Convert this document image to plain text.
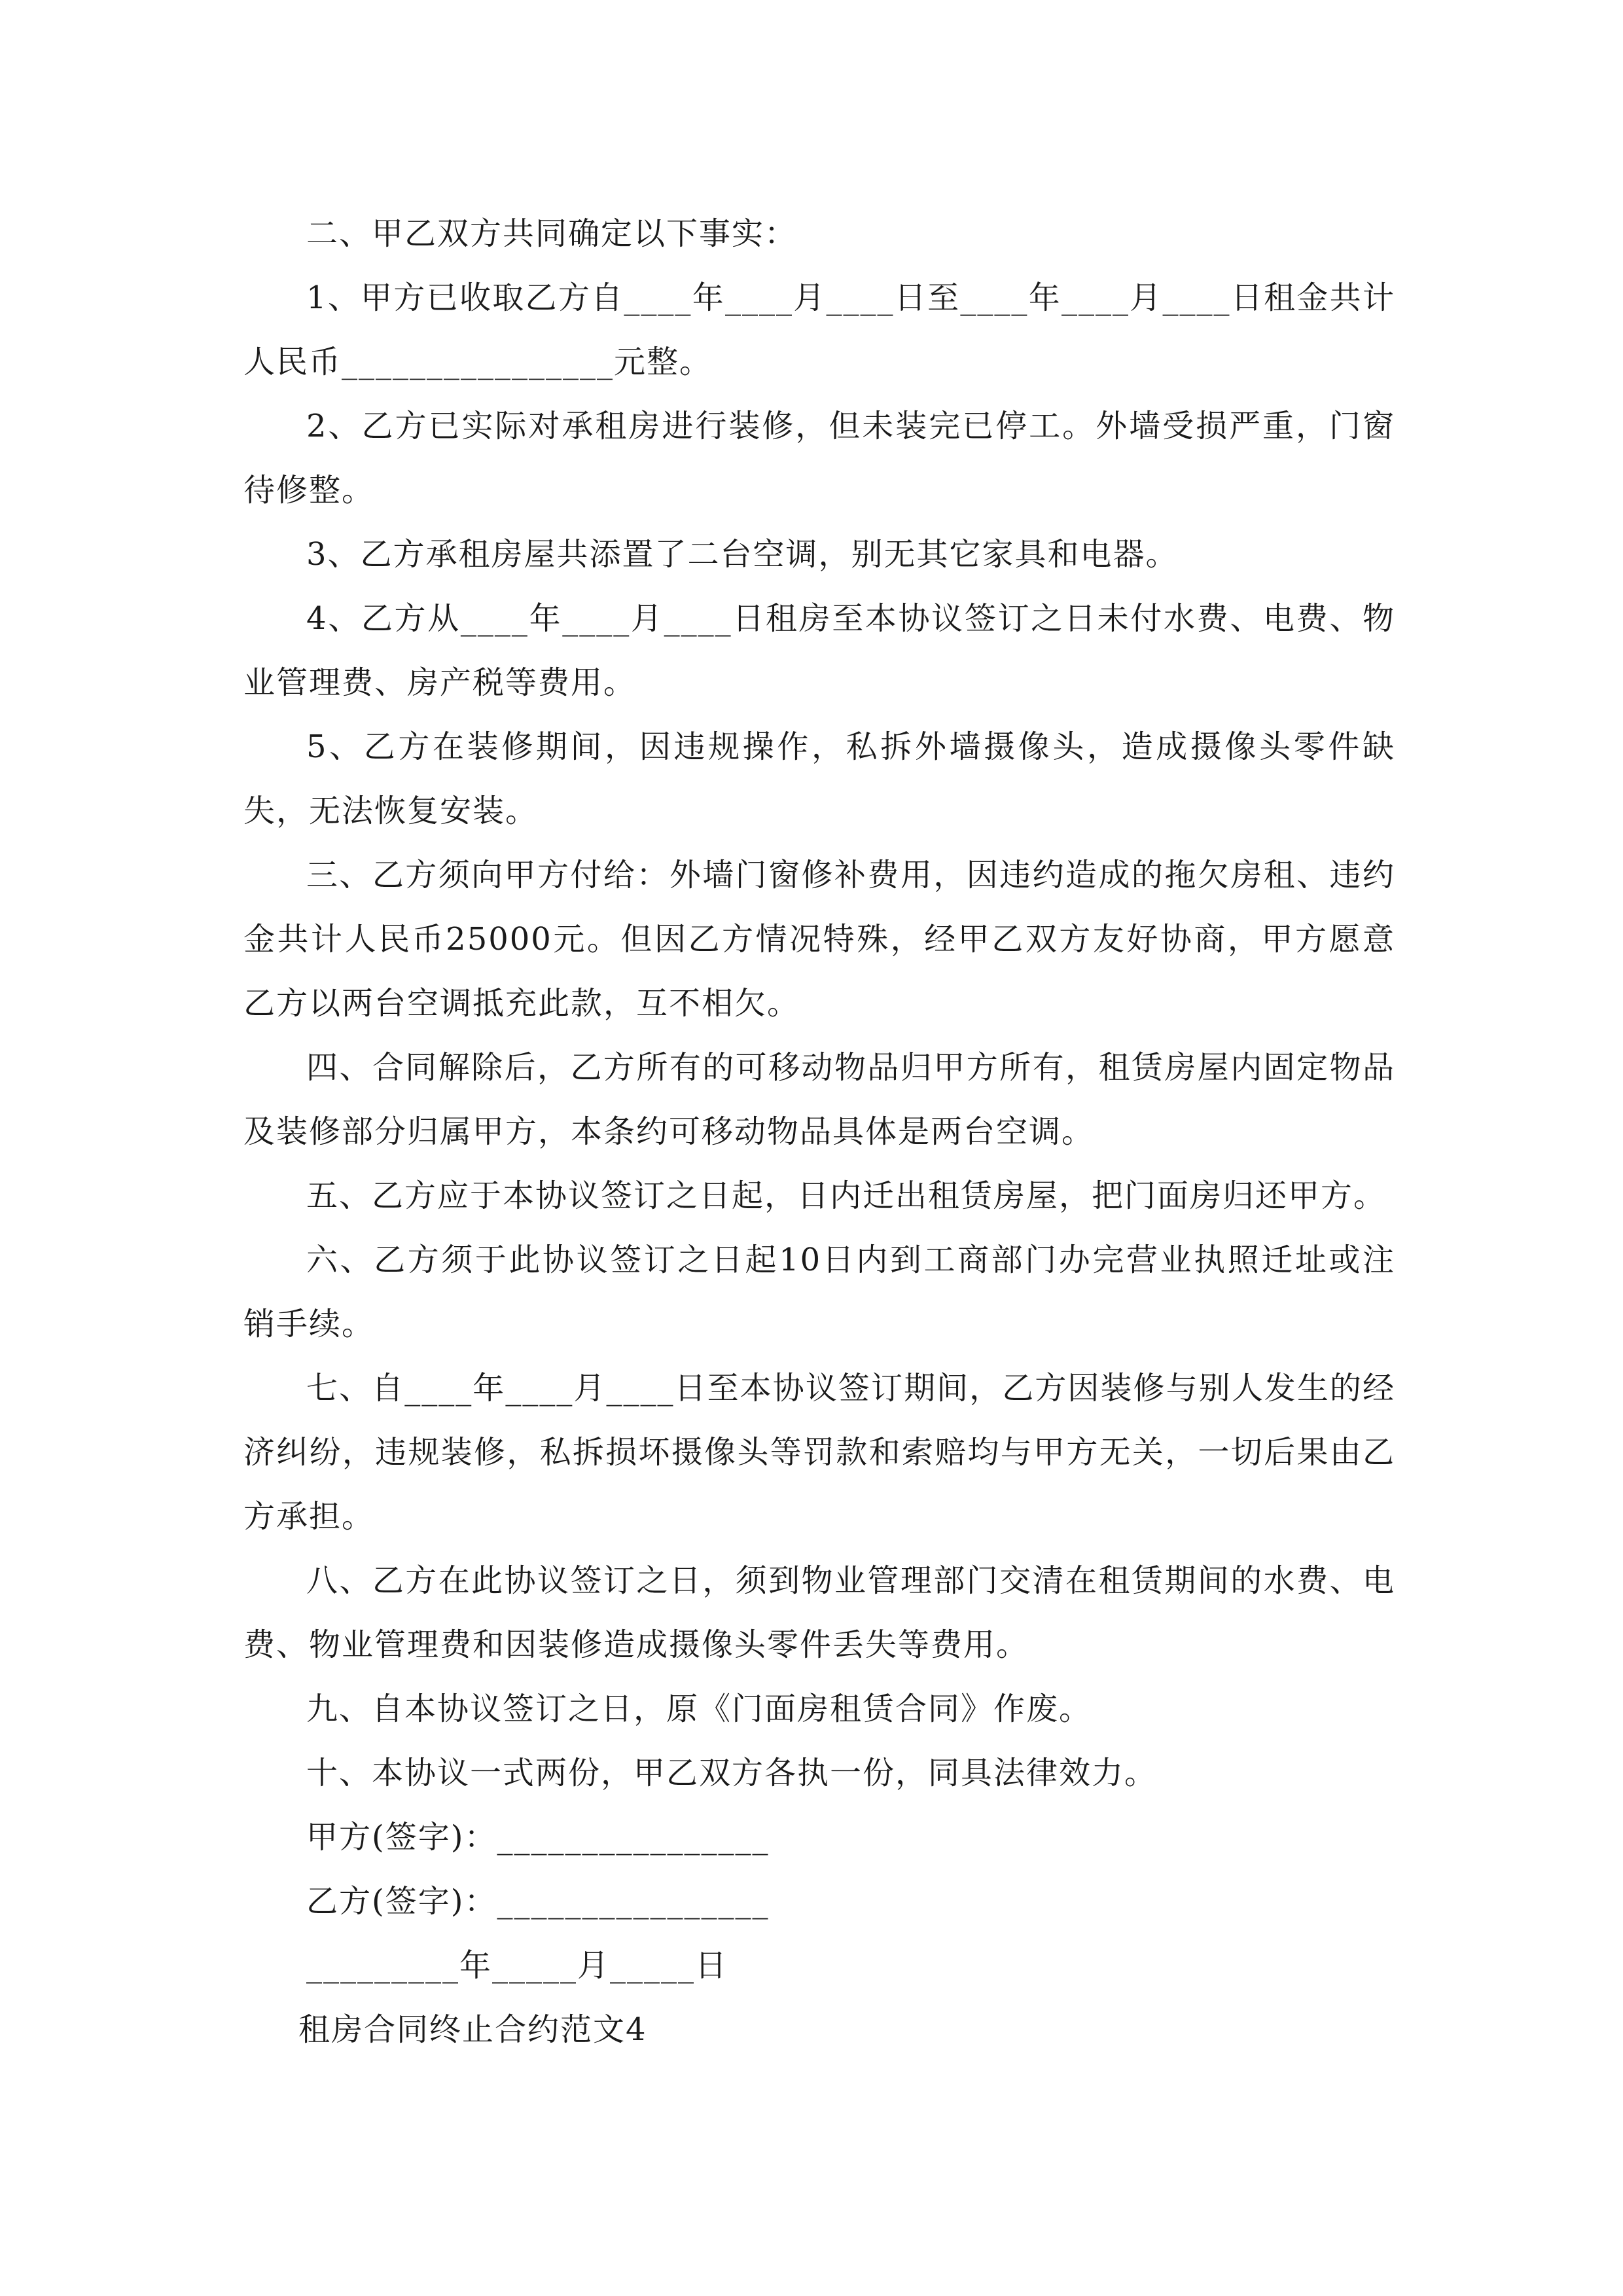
二、甲乙双方共同确定以下事实：

1、甲方已收取乙方自____年____月____日至____年____月____日租金共计人民币________________元整。

2、乙方已实际对承租房进行装修，但未装完已停工。外墙受损严重，门窗待修整。

3、乙方承租房屋共添置了二台空调，别无其它家具和电器。

4、乙方从____年____月____日租房至本协议签订之日未付水费、电费、物业管理费、房产税等费用。

5、乙方在装修期间，因违规操作，私拆外墙摄像头，造成摄像头零件缺失，无法恢复安装。

三、乙方须向甲方付给：外墙门窗修补费用，因违约造成的拖欠房租、违约金共计人民币25000元。但因乙方情况特殊，经甲乙双方友好协商，甲方愿意乙方以两台空调抵充此款，互不相欠。

四、合同解除后，乙方所有的可移动物品归甲方所有，租赁房屋内固定物品及装修部分归属甲方，本条约可移动物品具体是两台空调。

五、乙方应于本协议签订之日起，日内迁出租赁房屋，把门面房归还甲方。

六、乙方须于此协议签订之日起10日内到工商部门办完营业执照迁址或注销手续。

七、自____年____月____日至本协议签订期间，乙方因装修与别人发生的经济纠纷，违规装修，私拆损坏摄像头等罚款和索赔均与甲方无关，一切后果由乙方承担。

八、乙方在此协议签订之日，须到物业管理部门交清在租赁期间的水费、电费、物业管理费和因装修造成摄像头零件丢失等费用。

九、自本协议签订之日，原《门面房租赁合同》作废。

十、本协议一式两份，甲乙双方各执一份，同具法律效力。

甲方(签字)：________________

乙方(签字)：________________

_________年_____月_____日

租房合同终止合约范文4
